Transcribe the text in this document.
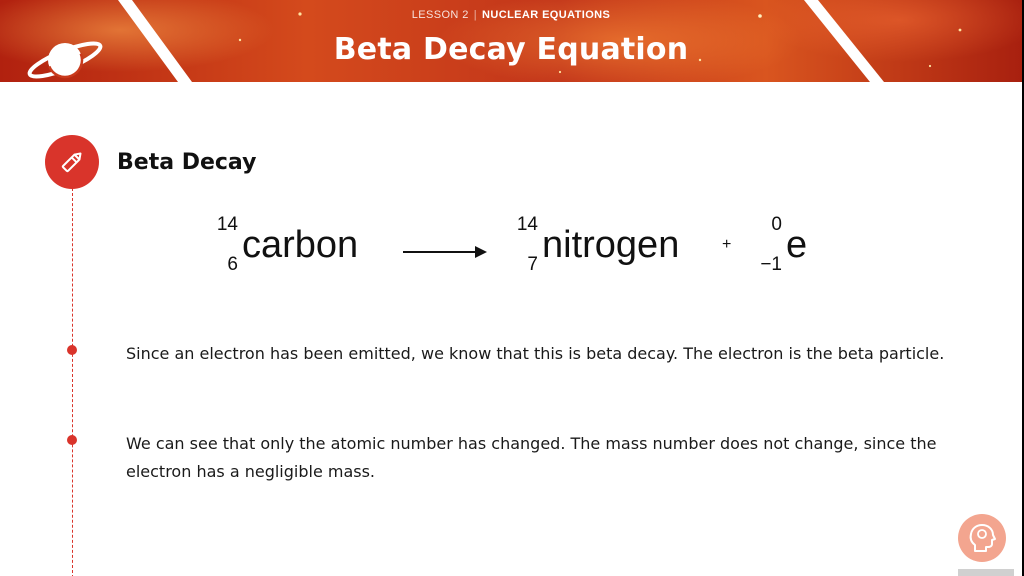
LESSON 2 | NUCLEAR EQUATIONS
Beta Decay Equation
Beta Decay
14
6 carbon	14
7 nitrogen	+
0
−1 e
Since an electron has been emitted, we know that this is beta decay. The electron is the beta particle.
We can see that only the atomic number has changed. The mass number does not change, since the electron has a negligible mass.
